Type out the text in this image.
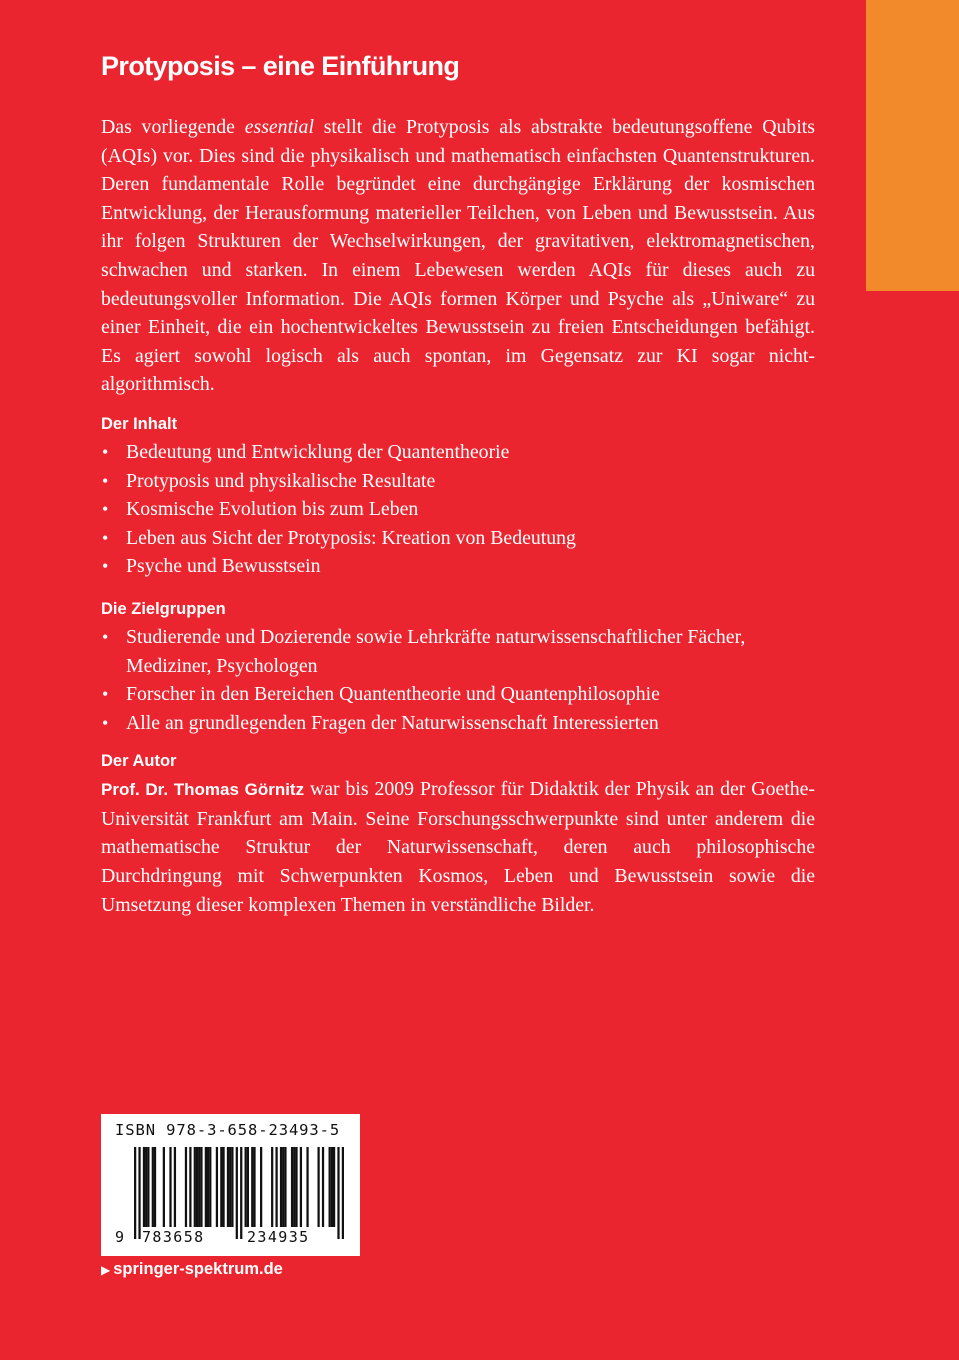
Protyposis – eine Einführung

Das vorliegende essential stellt die Protyposis als abstrakte bedeutungsoffene Qubits (AQIs) vor. Dies sind die physikalisch und mathematisch einfachsten Quantenstrukturen. Deren fundamentale Rolle begründet eine durchgängige Erklärung der kosmischen Entwicklung, der Herausformung materieller Teilchen, von Leben und Bewusstsein. Aus ihr folgen Strukturen der Wechselwirkungen, der gravitativen, elektromagnetischen, schwachen und starken. In einem Lebewesen werden AQIs für dieses auch zu bedeutungsvoller Information. Die AQIs formen Körper und Psyche als „Uniware“ zu einer Einheit, die ein hochentwickeltes Bewusstsein zu freien Entscheidungen befähigt. Es agiert sowohl logisch als auch spontan, im Gegensatz zur KI sogar nicht-algorithmisch.

Der Inhalt
• Bedeutung und Entwicklung der Quantentheorie
• Protyposis und physikalische Resultate
• Kosmische Evolution bis zum Leben
• Leben aus Sicht der Protyposis: Kreation von Bedeutung
• Psyche und Bewusstsein
Die Zielgruppen
• Studierende und Dozierende sowie Lehrkräfte naturwissenschaftlicher Fächer, Mediziner, Psychologen
• Forscher in den Bereichen Quantentheorie und Quantenphilosophie
• Alle an grundlegenden Fragen der Naturwissenschaft Interessierten
Der Autor

Prof. Dr. Thomas Görnitz war bis 2009 Professor für Didaktik der Physik an der Goethe-Universität Frankfurt am Main. Seine Forschungsschwerpunkte sind unter anderem die mathematische Struktur der Naturwissenschaft, deren auch philosophische Durchdringung mit Schwerpunkten Kosmos, Leben und Bewusstsein sowie die Umsetzung dieser komplexen Themen in verständliche Bilder.

ISBN 978-3-658-23493-5
9 783658	234935
▶ springer-spektrum.de
